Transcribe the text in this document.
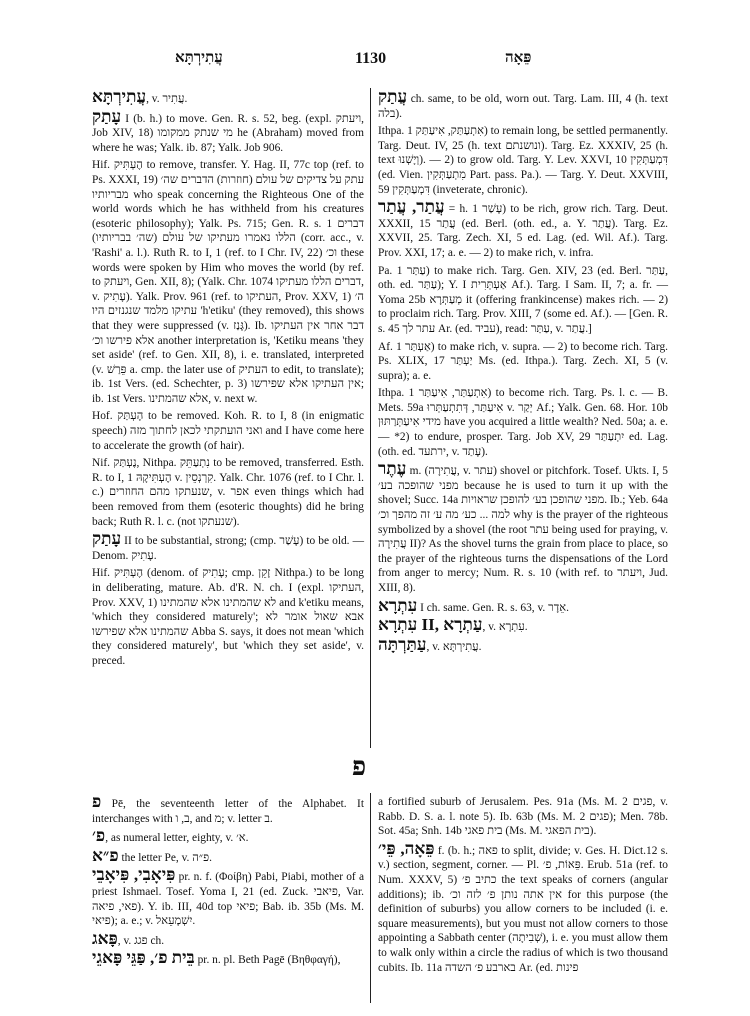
עֲתִירְתָּא	1130	פֵּאָה

עֲתִירְתָּא, v. עֲתִיר.

עָתַק I (b. h.) to move. Gen. R. s. 52, beg. (expl. ויעתק, Job XIV, 18) מי שנתק ממקומו he (Abraham) moved from where he was; Yalk. ib. 87; Yalk. Job 906.

Hif. הֶעְתִּיק to remove, transfer. Y. Hag. II, 77c top (ref. to Ps. XXXI, 19) עתק על צדיקים של עולם (חוזרות) הדברים שה׳ מבריותיו who speak concerning the Righteous One of the world words which he has withheld from his creatures (esoteric philosophy); Yalk. Ps. 715; Gen. R. s. 1 דברים הללו נאמרו מעתיקו של עולם (שה׳ בבריותיו) (corr. acc., v. 'Rashi' a. l.). Ruth R. to I, 1 (ref. to I Chr. IV, 22) וכ׳ these words were spoken by Him who moves the world (by ref. to ויעתק, Gen. XII, 8); (Yalk. Chr. 1074 דברים הללו מעתיקו, v. עָתִיק). Yalk. Prov. 961 (ref. to העתיקו, Prov. XXV, 1) ה׳ עתיקו מלמד שנגנזים היו 'h'etiku' (they removed), this shows that they were suppressed (v. גָּנַז). Ib. דבר אחר אין העתיקו אלא פירשו וכ׳ another interpretation is, 'Ketiku means 'they set aside' (ref. to Gen. XII, 8), i. e. translated, interpreted (v. פֵּרַשׁ a. cmp. the later use of העתיק to edit, to translate); ib. 1st Vers. (ed. Schechter, p. 3) אין העתיקו אלא שפירשו; ib. 1st Vers. אלא שהמתינו, v. next w.

Hof. הָעְתַּק to be removed. Koh. R. to I, 8 (in enigmatic speech) ואני הועתקתי לכאן לחתוך מזה and I have come here to accelerate the growth (of hair).

Nif. נֶעְתַּק, Nithpa. נִתְעַתֵּק to be removed, transferred. Esth. R. to I, 1 הֶעְתִּיקָהּ v. קִרְנְסֵין. Yalk. Chr. 1076 (ref. to I Chr. l. c.) שנעתקו מהם החוזרים, v. אפר even things which had been removed from them (esoteric thoughts) did he bring back; Ruth R. l. c. (not שנעתקו).

עָתַק II to be substantial, strong; (cmp. עָשַׁר) to be old. — Denom. עָתִיק.

Hif. הֶעְתִּיק (denom. of עָתִיק; cmp. זָקֵן Nithpa.) to be long in deliberating, mature. Ab. d'R. N. ch. I (expl. העתיקו, Prov. XXV, 1) לא שהמתינו אלא שהמתינו and k'etiku means, 'which they considered maturely'; אבא שאול אומר לא שהמתינו אלא שפירשו Abba S. says, it does not mean 'which they considered maturely', but 'which they set aside', v. preced.

עֲתַק ch. same, to be old, worn out. Targ. Lam. III, 4 (h. text בלה).

Ithpa. אִתְעַתַּק, אִיעַתַּק 1) to remain long, be settled permanently. Targ. Deut. IV, 25 (h. text ונושנתם). Targ. Ez. XXXIV, 25 (h. text וְיָשְׁנוּ). — 2) to grow old. Targ. Y. Lev. XXVI, 10 דִּמְעַתְּקִין (ed. Vien. מִתְעַתְּקִין Part. pass. Pa.). — Targ. Y. Deut. XXVIII, 59 דִּמְעַתְּקִין (inveterate, chronic).

עֲתַר, עֲתַר = h. עָשַׁר 1) to be rich, grow rich. Targ. Deut. XXXII, 15 עֲתַר (ed. Berl. (oth. ed., a. Y. עֲתַר). Targ. Ez. XXVII, 25. Targ. Zech. XI, 5 ed. Lag. (ed. Wil. Af.). Targ. Prov. XXI, 17; a. e. — 2) to make rich, v. infra.

Pa. עַתַּר 1) to make rich. Targ. Gen. XIV, 23 (ed. Berl. עַתַּר, oth. ed. עַתַּר); Y. I אַעְתְּרִית Af.). Targ. I Sam. II, 7; a. fr. — Yoma 25b מְעַתְּרָא it (offering frankincense) makes rich. — 2) to proclaim rich. Targ. Prov. XIII, 7 (some ed. Af.). — [Gen. R. s. 45 עתר לך Ar. (ed. עביד), read: עַתַּר, v. עֲתַר.]

Af. אַעְתַּר 1) to make rich, v. supra. — 2) to become rich. Targ. Ps. XLIX, 17 יַעְתַּר Ms. (ed. Ithpa.). Targ. Zech. XI, 5 (v. supra); a. e.

Ithpa. אִתְעַתַּר, אִיעַתַּר 1) to become rich. Targ. Ps. l. c. — B. Mets. 59a אִיעַתַּר, דְּתִתְעַתְּרוּ v. יְקַר Af.; Yalk. Gen. 68. Hor. 10b מידי אִיעַתְּרַתּוּן have you acquired a little wealth? Ned. 50a; a. e. — *2) to endure, prosper. Targ. Job XV, 29 יִתְעַתַּר ed. Lag. (oth. ed. ירתעד, v. עָתַד).

עֶתֶר m. (עֲתִירָה, v. עתר) shovel or pitchfork. Tosef. Ukts. I, 5 מפני שהופכה בע׳ because he is used to turn it up with the shovel; Succ. 14a מפני שהופכן בע׳ להופכן שראויות. Ib.; Yeb. 64a למה ... כע׳ מה ע׳ זה מהפך וכ׳ why is the prayer of the righteous symbolized by a shovel (the root עתר being used for praying, v. עֲתִירָה II)? As the shovel turns the grain from place to place, so the prayer of the righteous turns the dispensations of the Lord from anger to mercy; Num. R. s. 10 (with ref. to ויעתר, Jud. XIII, 8).

עִתְרָא I ch. same. Gen. R. s. 63, v. אֵדָר.

עִתְרָא II, עַתְרָא, v. עִתְרָא.

עַתַּרְתָּה, v. עֲתִירְתָּא.

פ

פ Pē, the seventeenth letter of the Alphabet. It interchanges with ב, ו, and מ; v. letter ב.

פ׳, as numeral letter, eighty, v. א׳.

פ״א the letter Pe, v. פ״ה.

פִּיאָבִי, פִּיאָבֵי pr. n. f. (Φοίβη) Pabi, Piabi, mother of a priest Ishmael. Tosef. Yoma I, 21 (ed. Zuck. פיאבי, Var. פאי, פיאה). Y. ib. III, 40d top פיאי; Bab. ib. 35b (Ms. M. פיאי); a. e.; v. יִשְׁמָעֵאל.

פָּאג, v. פגג ch.

בֵּית פ׳, פַּגֵּי פָּאגֵי pr. n. pl. Beth Pagē (Βηθφαγή),

a fortified suburb of Jerusalem. Pes. 91a (Ms. M. 2 פגים, v. Rabb. D. S. a. l. note 5). Ib. 63b (Ms. M. 2 פגים); Men. 78b. Sot. 45a; Snh. 14b בית פאגי (Ms. M. בית הפאגי).

פֵּאָה, פֵּי׳ f. (b. h.; פאה to split, divide; v. Ges. H. Dict.12 s. v.) section, segment, corner. — Pl. פֵּאוֹת, פ׳. Erub. 51a (ref. to Num. XXXV, 5) כתיב פ׳ the text speaks of corners (angular additions); ib. אין אתה נותן פ׳ לזה וכ׳ for this purpose (the definition of suburbs) you allow corners to be included (i. e. square measurements), but you must not allow corners to those appointing a Sabbath center (שְׁבִיתָה), i. e. you must allow them to walk only within a circle the radius of which is two thousand cubits. Ib. 11a בארבע פ׳ השדה Ar. (ed. פינות
